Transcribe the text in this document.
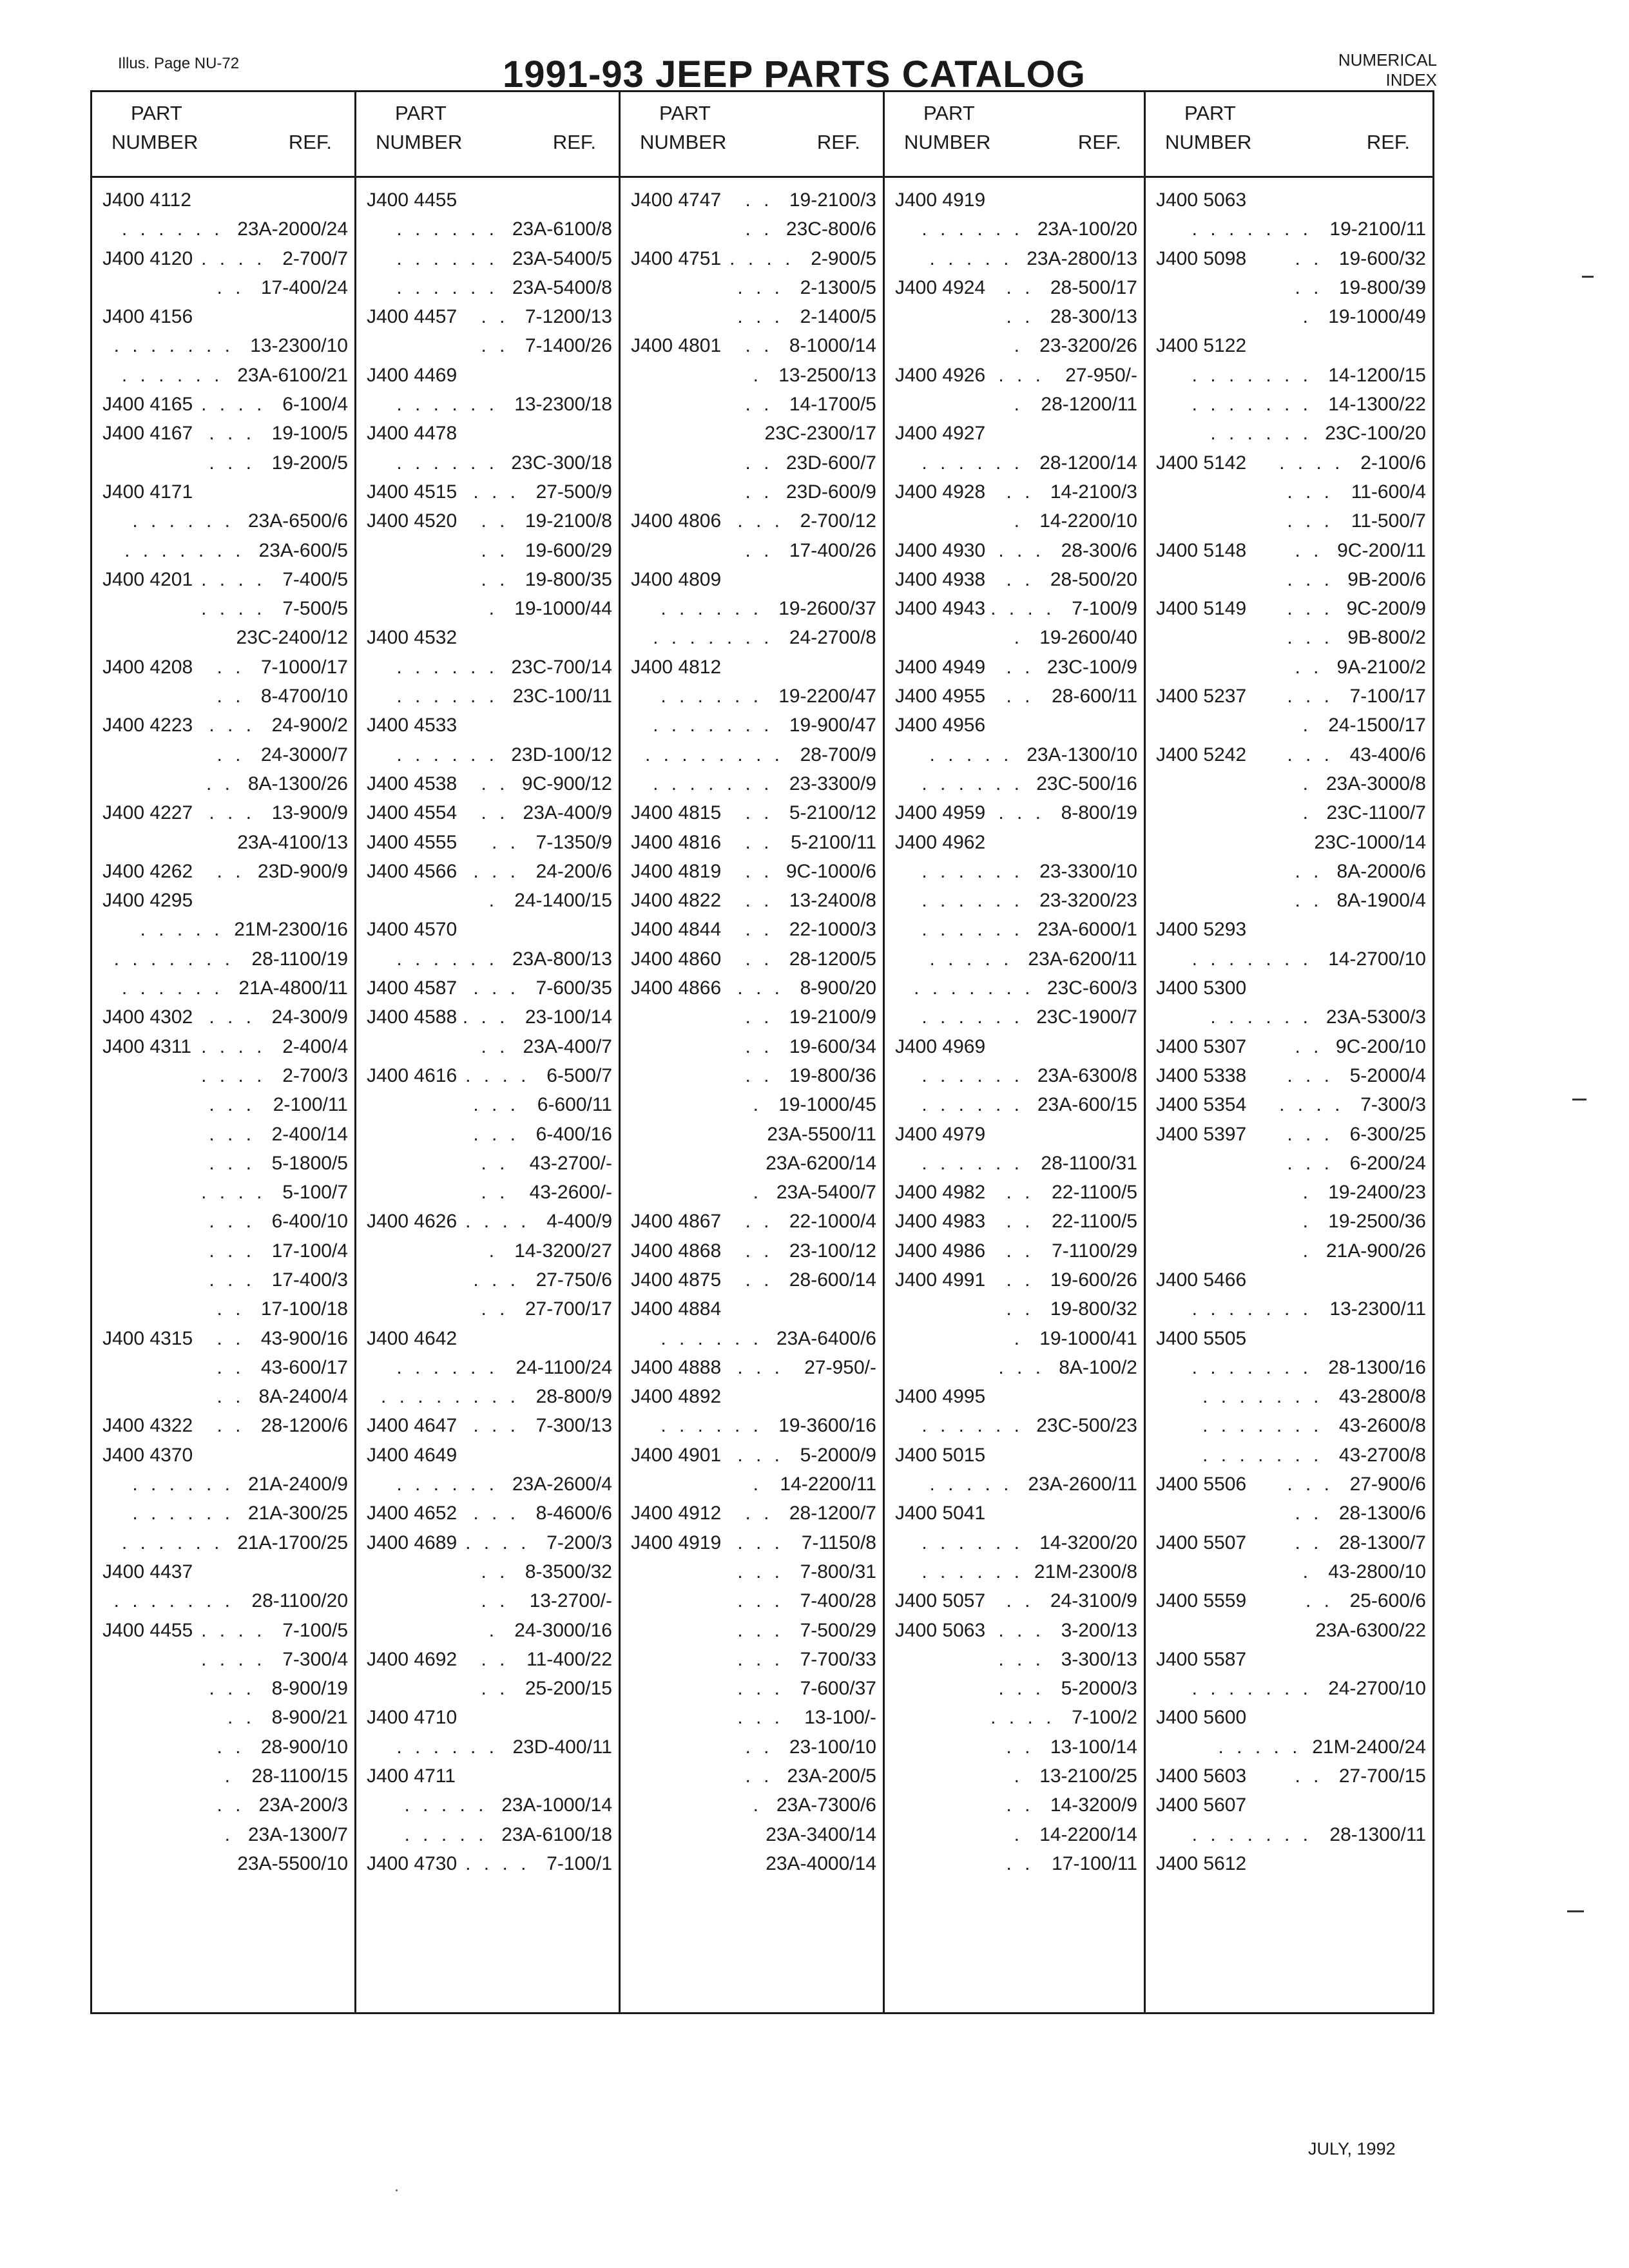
Illus. Page NU-72	1991-93 JEEP PARTS CATALOG	NUMERICAL
INDEX
PART
NUMBER	REF.
J400 4112
. . . . . . 23A-2000/24
J400 4120 . . . . 2-700/7
. . 17-400/24
J400 4156
. . . . . . . 13-2300/10
. . . . . . 23A-6100/21
J400 4165 . . . . 6-100/4
J400 4167 . . . 19-100/5
. . . 19-200/5
J400 4171
. . . . . . 23A-6500/6
. . . . . . . 23A-600/5
J400 4201 . . . . 7-400/5
. . . . 7-500/5
23C-2400/12
J400 4208 . . 7-1000/17
. . 8-4700/10
J400 4223 . . . 24-900/2
. . 24-3000/7
. . 8A-1300/26
J400 4227 . . . 13-900/9
23A-4100/13
J400 4262 . . 23D-900/9
J400 4295
. . . . . 21M-2300/16
. . . . . . . 28-1100/19
. . . . . . 21A-4800/11
J400 4302 . . . 24-300/9
J400 4311 . . . . 2-400/4
. . . . 2-700/3
. . . 2-100/11
. . . 2-400/14
. . . 5-1800/5
. . . . 5-100/7
. . . 6-400/10
. . . 17-100/4
. . . 17-400/3
. . 17-100/18
J400 4315 . . 43-900/16
. . 43-600/17
. . 8A-2400/4
J400 4322 . . 28-1200/6
J400 4370
. . . . . . 21A-2400/9
. . . . . . 21A-300/25
. . . . . . 21A-1700/25
J400 4437
. . . . . . . 28-1100/20
J400 4455 . . . . 7-100/5
. . . . 7-300/4
. . . 8-900/19
. . 8-900/21
. . 28-900/10
. 28-1100/15
. . 23A-200/3
. 23A-1300/7
23A-5500/10
PART
NUMBER	REF.
J400 4455
. . . . . . 23A-6100/8
. . . . . . 23A-5400/5
. . . . . . 23A-5400/8
J400 4457 . . 7-1200/13
. . 7-1400/26
J400 4469
. . . . . . 13-2300/18
J400 4478
. . . . . . 23C-300/18
J400 4515 . . . 27-500/9
J400 4520 . . 19-2100/8
. . 19-600/29
. . 19-800/35
. 19-1000/44
J400 4532
. . . . . . 23C-700/14
. . . . . . 23C-100/11
J400 4533
. . . . . . 23D-100/12
J400 4538 . . 9C-900/12
J400 4554 . . 23A-400/9
J400 4555 . . 7-1350/9
J400 4566 . . . 24-200/6
. 24-1400/15
J400 4570
. . . . . . 23A-800/13
J400 4587 . . . 7-600/35
J400 4588 . . . 23-100/14
. . 23A-400/7
J400 4616 . . . . 6-500/7
. . . 6-600/11
. . . 6-400/16
. . 43-2700/-
. . 43-2600/-
J400 4626 . . . . 4-400/9
. 14-3200/27
. . . 27-750/6
. . 27-700/17
J400 4642
. . . . . . 24-1100/24
. . . . . . . . 28-800/9
J400 4647 . . . 7-300/13
J400 4649
. . . . . . 23A-2600/4
J400 4652 . . . 8-4600/6
J400 4689 . . . . 7-200/3
. . 8-3500/32
. . 13-2700/-
. 24-3000/16
J400 4692 . . 11-400/22
. . 25-200/15
J400 4710
. . . . . . 23D-400/11
J400 4711
. . . . . 23A-1000/14
. . . . . 23A-6100/18
J400 4730 . . . . 7-100/1
PART
NUMBER	REF.
J400 4747 . . 19-2100/3
. . 23C-800/6
J400 4751 . . . . 2-900/5
. . . 2-1300/5
. . . 2-1400/5
J400 4801 . . 8-1000/14
. 13-2500/13
. . 14-1700/5
23C-2300/17
. . 23D-600/7
. . 23D-600/9
J400 4806 . . . 2-700/12
. . 17-400/26
J400 4809
. . . . . . 19-2600/37
. . . . . . . 24-2700/8
J400 4812
. . . . . . 19-2200/47
. . . . . . . 19-900/47
. . . . . . . . 28-700/9
. . . . . . . 23-3300/9
J400 4815 . . 5-2100/12
J400 4816 . . 5-2100/11
J400 4819 . . 9C-1000/6
J400 4822 . . 13-2400/8
J400 4844 . . 22-1000/3
J400 4860 . . 28-1200/5
J400 4866 . . . 8-900/20
. . 19-2100/9
. . 19-600/34
. . 19-800/36
. 19-1000/45
23A-5500/11
23A-6200/14
. 23A-5400/7
J400 4867 . . 22-1000/4
J400 4868 . . 23-100/12
J400 4875 . . 28-600/14
J400 4884
. . . . . . 23A-6400/6
J400 4888 . . . 27-950/-
J400 4892
. . . . . . 19-3600/16
J400 4901 . . . 5-2000/9
. 14-2200/11
J400 4912 . . 28-1200/7
J400 4919 . . . 7-1150/8
. . . 7-800/31
. . . 7-400/28
. . . 7-500/29
. . . 7-700/33
. . . 7-600/37
. . . 13-100/-
. . 23-100/10
. . 23A-200/5
. 23A-7300/6
23A-3400/14
23A-4000/14
PART
NUMBER	REF.
J400 4919
. . . . . . 23A-100/20
. . . . . 23A-2800/13
J400 4924 . . 28-500/17
. . 28-300/13
. 23-3200/26
J400 4926 . . . 27-950/-
. 28-1200/11
J400 4927
. . . . . . 28-1200/14
J400 4928 . . 14-2100/3
. 14-2200/10
J400 4930 . . . 28-300/6
J400 4938 . . 28-500/20
J400 4943 . . . . 7-100/9
. 19-2600/40
J400 4949 . . 23C-100/9
J400 4955 . . 28-600/11
J400 4956
. . . . . 23A-1300/10
. . . . . . 23C-500/16
J400 4959 . . . 8-800/19
J400 4962
. . . . . . 23-3300/10
. . . . . . 23-3200/23
. . . . . . 23A-6000/1
. . . . . 23A-6200/11
. . . . . . . 23C-600/3
. . . . . . 23C-1900/7
J400 4969
. . . . . . 23A-6300/8
. . . . . . 23A-600/15
J400 4979
. . . . . . 28-1100/31
J400 4982 . . 22-1100/5
J400 4983 . . 22-1100/5
J400 4986 . . 7-1100/29
J400 4991 . . 19-600/26
. . 19-800/32
. 19-1000/41
. . . 8A-100/2
J400 4995
. . . . . . 23C-500/23
J400 5015
. . . . . 23A-2600/11
J400 5041
. . . . . . 14-3200/20
. . . . . . 21M-2300/8
J400 5057 . . 24-3100/9
J400 5063 . . . 3-200/13
. . . 3-300/13
. . . 5-2000/3
. . . . 7-100/2
. . 13-100/14
. 13-2100/25
. . 14-3200/9
. 14-2200/14
. . 17-100/11
PART
NUMBER	REF.
J400 5063
. . . . . . . 19-2100/11
J400 5098	. . 19-600/32
. . 19-800/39
. 19-1000/49
J400 5122
. . . . . . . 14-1200/15
. . . . . . . 14-1300/22
. . . . . . 23C-100/20
J400 5142 . . . . 2-100/6
. . . 11-600/4
. . . 11-500/7
J400 5148	. . 9C-200/11
. . . 9B-200/6
J400 5149 . . . 9C-200/9
. . . 9B-800/2
. . 9A-2100/2
J400 5237 . . . 7-100/17
. 24-1500/17
J400 5242 . . . 43-400/6
. 23A-3000/8
. 23C-1100/7
23C-1000/14
. . 8A-2000/6
. . 8A-1900/4
J400 5293
. . . . . . . 14-2700/10
J400 5300
. . . . . . 23A-5300/3
J400 5307	. . 9C-200/10
J400 5338 . . . 5-2000/4
J400 5354 . . . . 7-300/3
J400 5397 . . . 6-300/25
. . . 6-200/24
. 19-2400/23
. 19-2500/36
. 21A-900/26
J400 5466
. . . . . . . 13-2300/11
J400 5505
. . . . . . . 28-1300/16
. . . . . . . 43-2800/8
. . . . . . . 43-2600/8
. . . . . . . 43-2700/8
J400 5506 . . . 27-900/6
. . 28-1300/6
J400 5507	. . 28-1300/7
. 43-2800/10
J400 5559	. . 25-600/6
23A-6300/22
J400 5587
. . . . . . . 24-2700/10
J400 5600
. . . . . 21M-2400/24
J400 5603	. . 27-700/15
J400 5607
. . . . . . . 28-1300/11
J400 5612
JULY, 1992
